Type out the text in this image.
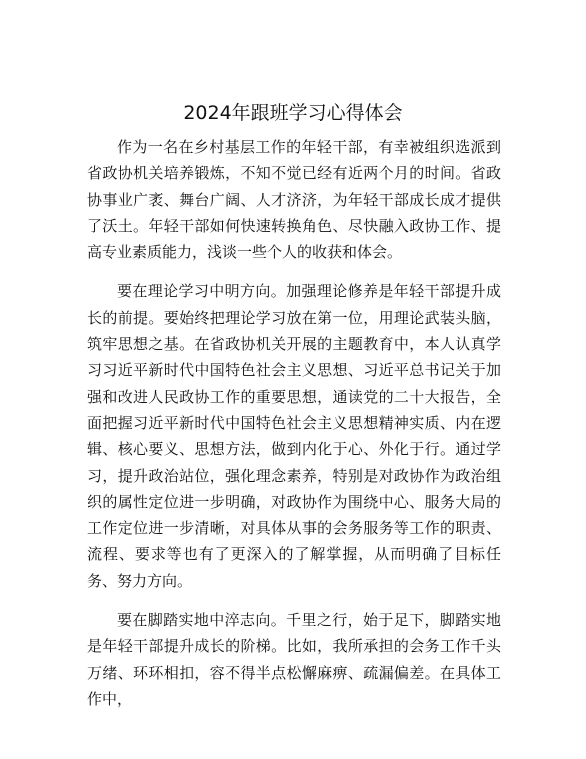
2024年跟班学习心得体会

作为一名在乡村基层工作的年轻干部，有幸被组织选派到省政协机关培养锻炼，不知不觉已经有近两个月的时间。省政协事业广袤、舞台广阔、人才济济，为年轻干部成长成才提供了沃土。年轻干部如何快速转换角色、尽快融入政协工作、提高专业素质能力，浅谈一些个人的收获和体会。

要在理论学习中明方向。加强理论修养是年轻干部提升成长的前提。要始终把理论学习放在第一位，用理论武装头脑，筑牢思想之基。在省政协机关开展的主题教育中，本人认真学习习近平新时代中国特色社会主义思想、习近平总书记关于加强和改进人民政协工作的重要思想，通读党的二十大报告，全面把握习近平新时代中国特色社会主义思想精神实质、内在逻辑、核心要义、思想方法，做到内化于心、外化于行。通过学习，提升政治站位，强化理念素养，特别是对政协作为政治组织的属性定位进一步明确，对政协作为围绕中心、服务大局的工作定位进一步清晰，对具体从事的会务服务等工作的职责、流程、要求等也有了更深入的了解掌握，从而明确了目标任务、努力方向。

要在脚踏实地中淬志向。千里之行，始于足下，脚踏实地是年轻干部提升成长的阶梯。比如，我所承担的会务工作千头万绪、环环相扣，容不得半点松懈麻痹、疏漏偏差。在具体工作中，
